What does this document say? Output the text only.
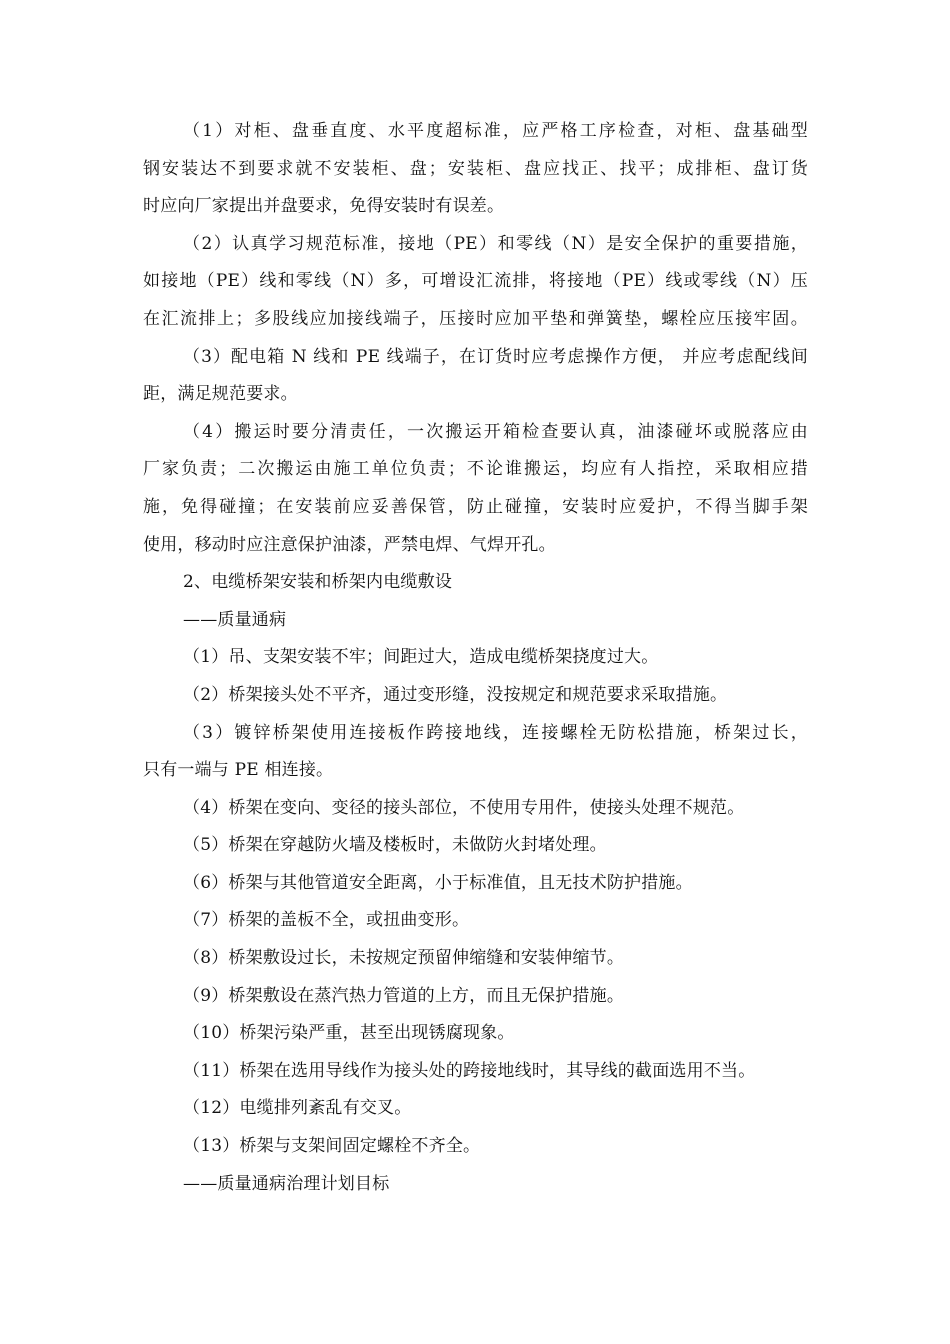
（1）对柜、盘垂直度、水平度超标准，应严格工序检查，对柜、盘基础型
钢安装达不到要求就不安装柜、盘；安装柜、盘应找正、找平；成排柜、盘订货
时应向厂家提出并盘要求，免得安装时有误差。
（2）认真学习规范标准，接地（PE）和零线（N）是安全保护的重要措施，
如接地（PE）线和零线（N）多，可增设汇流排，将接地（PE）线或零线（N）压
在汇流排上；多股线应加接线端子，压接时应加平垫和弹簧垫，螺栓应压接牢固。
（3）配电箱 N 线和 PE 线端子，在订货时应考虑操作方便， 并应考虑配线间
距，满足规范要求。
（4）搬运时要分清责任，一次搬运开箱检查要认真，油漆碰坏或脱落应由
厂家负责；二次搬运由施工单位负责；不论谁搬运，均应有人指控，采取相应措
施，免得碰撞；在安装前应妥善保管，防止碰撞，安装时应爱护，不得当脚手架
使用，移动时应注意保护油漆，严禁电焊、气焊开孔。
2、电缆桥架安装和桥架内电缆敷设
——质量通病
（1）吊、支架安装不牢；间距过大，造成电缆桥架挠度过大。
（2）桥架接头处不平齐，通过变形缝，没按规定和规范要求采取措施。
（3）镀锌桥架使用连接板作跨接地线，连接螺栓无防松措施，桥架过长，
只有一端与 PE 相连接。
（4）桥架在变向、变径的接头部位，不使用专用件，使接头处理不规范。
（5）桥架在穿越防火墙及楼板时，未做防火封堵处理。
（6）桥架与其他管道安全距离，小于标准值，且无技术防护措施。
（7）桥架的盖板不全，或扭曲变形。
（8）桥架敷设过长，未按规定预留伸缩缝和安装伸缩节。
（9）桥架敷设在蒸汽热力管道的上方，而且无保护措施。
（10）桥架污染严重，甚至出现锈腐现象。
（11）桥架在选用导线作为接头处的跨接地线时，其导线的截面选用不当。
（12）电缆排列紊乱有交叉。
（13）桥架与支架间固定螺栓不齐全。
——质量通病治理计划目标
